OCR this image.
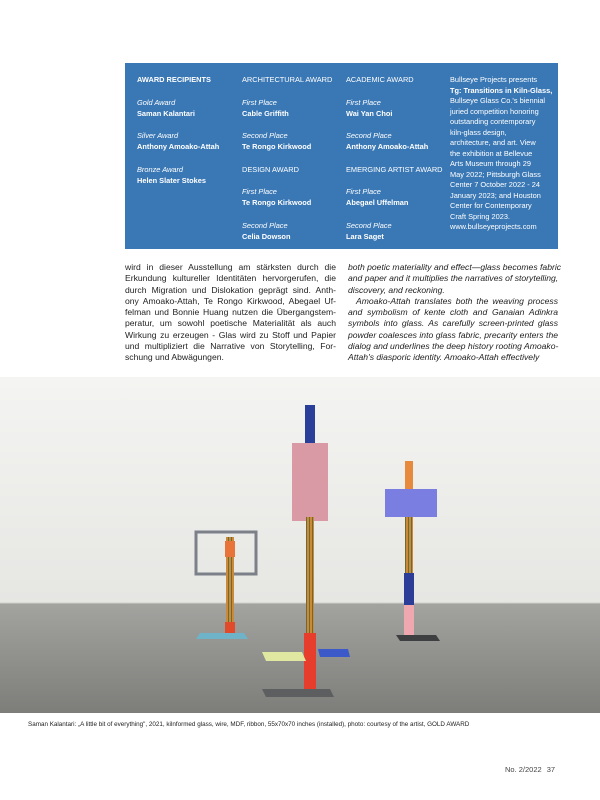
AWARD RECIPIENTS
Gold Award
Saman Kalantari
Silver Award
Anthony Amoako-Attah
Bronze Award
Helen Slater Stokes
ARCHITECTURAL AWARD
First Place
Cable Griffith
Second Place
Te Rongo Kirkwood
DESIGN AWARD
First Place
Te Rongo Kirkwood
Second Place
Celia Dowson
ACADEMIC AWARD
First Place
Wai Yan Choi
Second Place
Anthony Amoako-Attah
EMERGING ARTIST AWARD
First Place
Abegael Uffelman
Second Place
Lara Saget
Bullseye Projects presents
Tg: Transitions in Kiln-Glass,
Bullseye Glass Co.'s biennial
juried competition honoring
outstanding contemporary
kiln-glass design,
architecture, and art. View
the exhibition at Bellevue
Arts Museum through 29
May 2022; Pittsburgh Glass
Center 7 October 2022 - 24
January 2023; and Houston
Center for Contemporary
Craft Spring 2023.
www.bullseyeprojects.com
wird in dieser Ausstellung am stärksten durch die
Erkundung kultureller Identitäten hervorgerufen, die
durch Migration und Dislokation geprägt sind. Anth-
ony Amoako-Attah, Te Rongo Kirkwood, Abegael Uf-
felman und Bonnie Huang nutzen die Übergangstem-
peratur, um sowohl poetische Materialität als auch
Wirkung zu erzeugen - Glas wird zu Stoff und Papier
und multipliziert die Narrative von Storytelling, For-
schung und Abwägungen.
both poetic materiality and effect—glass becomes fabric
and paper and it multiplies the narratives of storytelling,
discovery, and reckoning.
Amoako-Attah translates both the weaving process
and symbolism of kente cloth and Ganaian Adinkra
symbols into glass. As carefully screen-printed glass
powder coalesces into glass fabric, precarity enters the
dialog and underlines the deep history rooting Amoako-
Attah's diasporic identity. Amoako-Attah effectively
Saman Kalantari: „A little bit of everything", 2021, kilnformed glass, wire, MDF, ribbon, 55x70x70 inches (installed), photo: courtesy of the artist, GOLD AWARD
No. 2/2022 37
